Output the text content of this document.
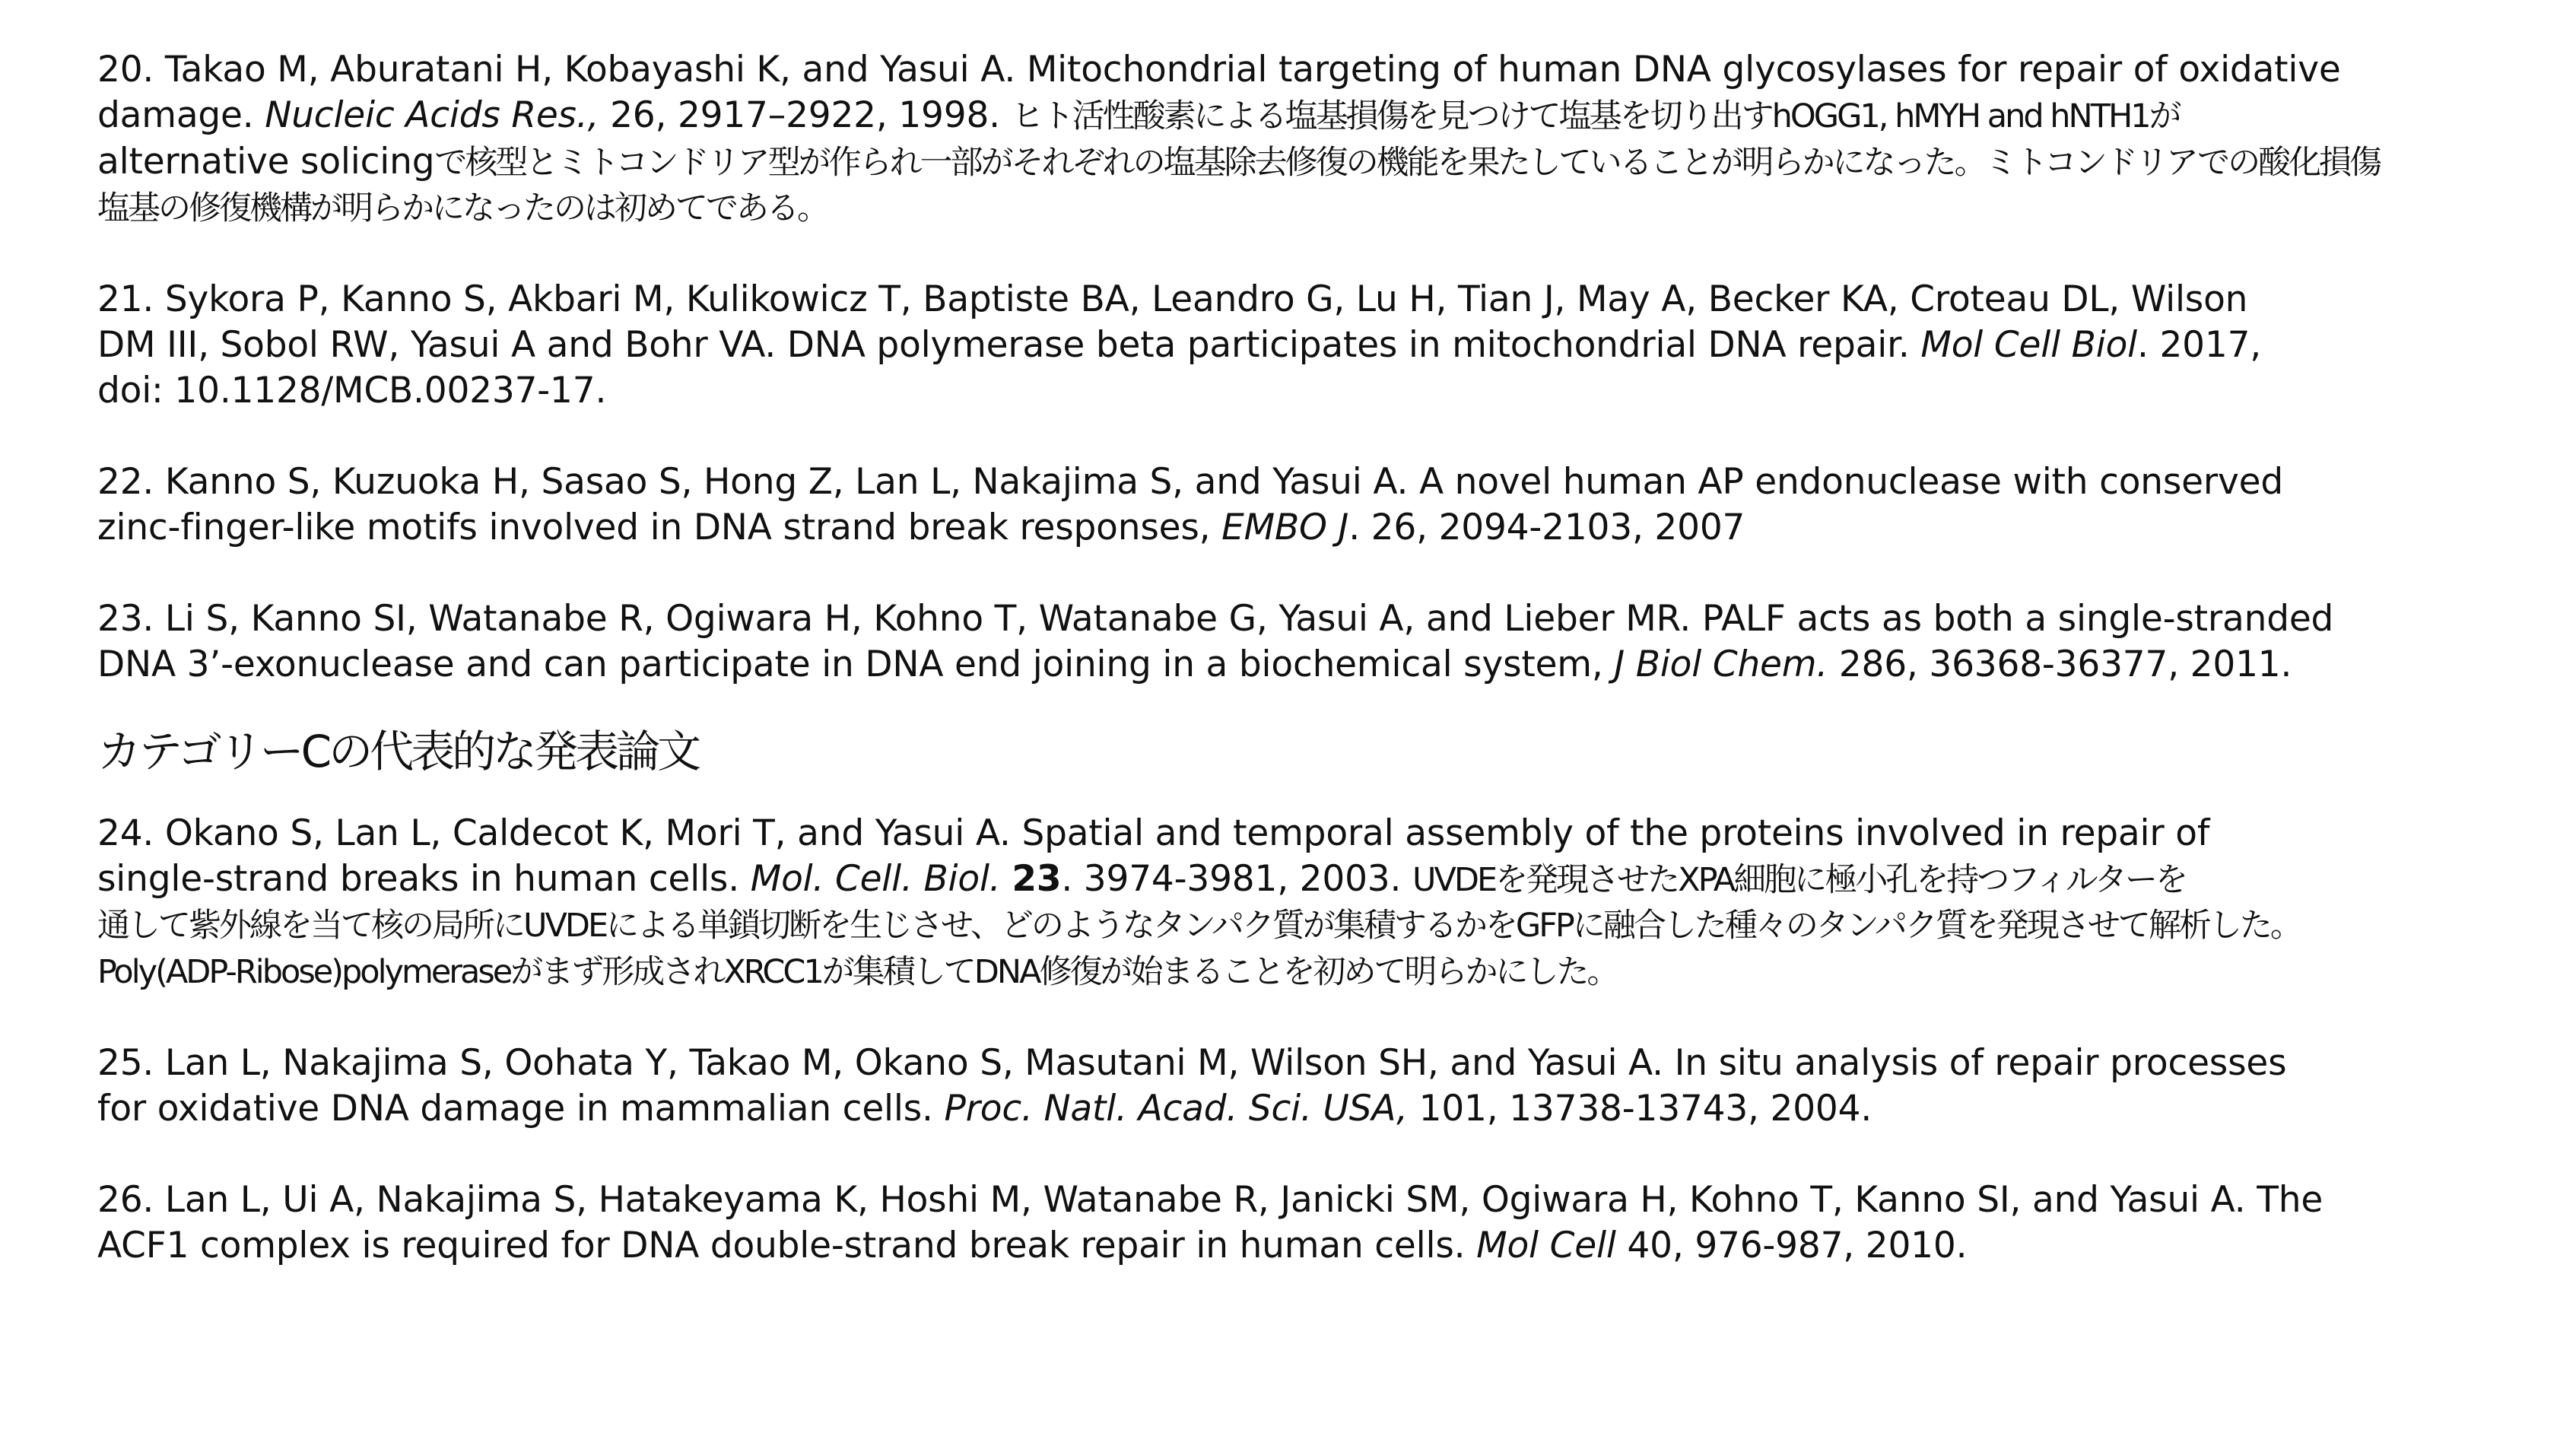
20. Takao M, Aburatani H, Kobayashi K, and Yasui A. Mitochondrial targeting of human DNA glycosylases for repair of oxidative
damage. Nucleic Acids Res., 26, 2917–2922, 1998. ヒト活性酸素による塩基損傷を見つけて塩基を切り出すhOGG1, hMYH and hNTH1が
alternative solicingで核型とミトコンドリア型が作られ一部がそれぞれの塩基除去修復の機能を果たしていることが明らかになった。ミトコンドリアでの酸化損傷
塩基の修復機構が明らかになったのは初めてである。
21. Sykora P, Kanno S, Akbari M, Kulikowicz T, Baptiste BA, Leandro G, Lu H, Tian J, May A, Becker KA, Croteau DL, Wilson
DM III, Sobol RW, Yasui A and Bohr VA. DNA polymerase beta participates in mitochondrial DNA repair. Mol Cell Biol. 2017,
doi: 10.1128/MCB.00237-17.
22. Kanno S, Kuzuoka H, Sasao S, Hong Z, Lan L, Nakajima S, and Yasui A. A novel human AP endonuclease with conserved
zinc-finger-like motifs involved in DNA strand break responses, EMBO J. 26, 2094-2103, 2007
23. Li S, Kanno SI, Watanabe R, Ogiwara H, Kohno T, Watanabe G, Yasui A, and Lieber MR. PALF acts as both a single-stranded
DNA 3’-exonuclease and can participate in DNA end joining in a biochemical system, J Biol Chem. 286, 36368-36377, 2011.
カテゴリーCの代表的な発表論文
24. Okano S, Lan L, Caldecot K, Mori T, and Yasui A. Spatial and temporal assembly of the proteins involved in repair of
single-strand breaks in human cells. Mol. Cell. Biol. 23. 3974-3981, 2003. UVDEを発現させたXPA細胞に極小孔を持つフィルターを
通して紫外線を当て核の局所にUVDEによる単鎖切断を生じさせ、どのようなタンパク質が集積するかをGFPに融合した種々のタンパク質を発現させて解析した。
Poly(ADP-Ribose)polymeraseがまず形成されXRCC1が集積してDNA修復が始まることを初めて明らかにした。
25. Lan L, Nakajima S, Oohata Y, Takao M, Okano S, Masutani M, Wilson SH, and Yasui A. In situ analysis of repair processes
for oxidative DNA damage in mammalian cells. Proc. Natl. Acad. Sci. USA, 101, 13738-13743, 2004.
26. Lan L, Ui A, Nakajima S, Hatakeyama K, Hoshi M, Watanabe R, Janicki SM, Ogiwara H, Kohno T, Kanno SI, and Yasui A. The
ACF1 complex is required for DNA double-strand break repair in human cells. Mol Cell 40, 976-987, 2010.
